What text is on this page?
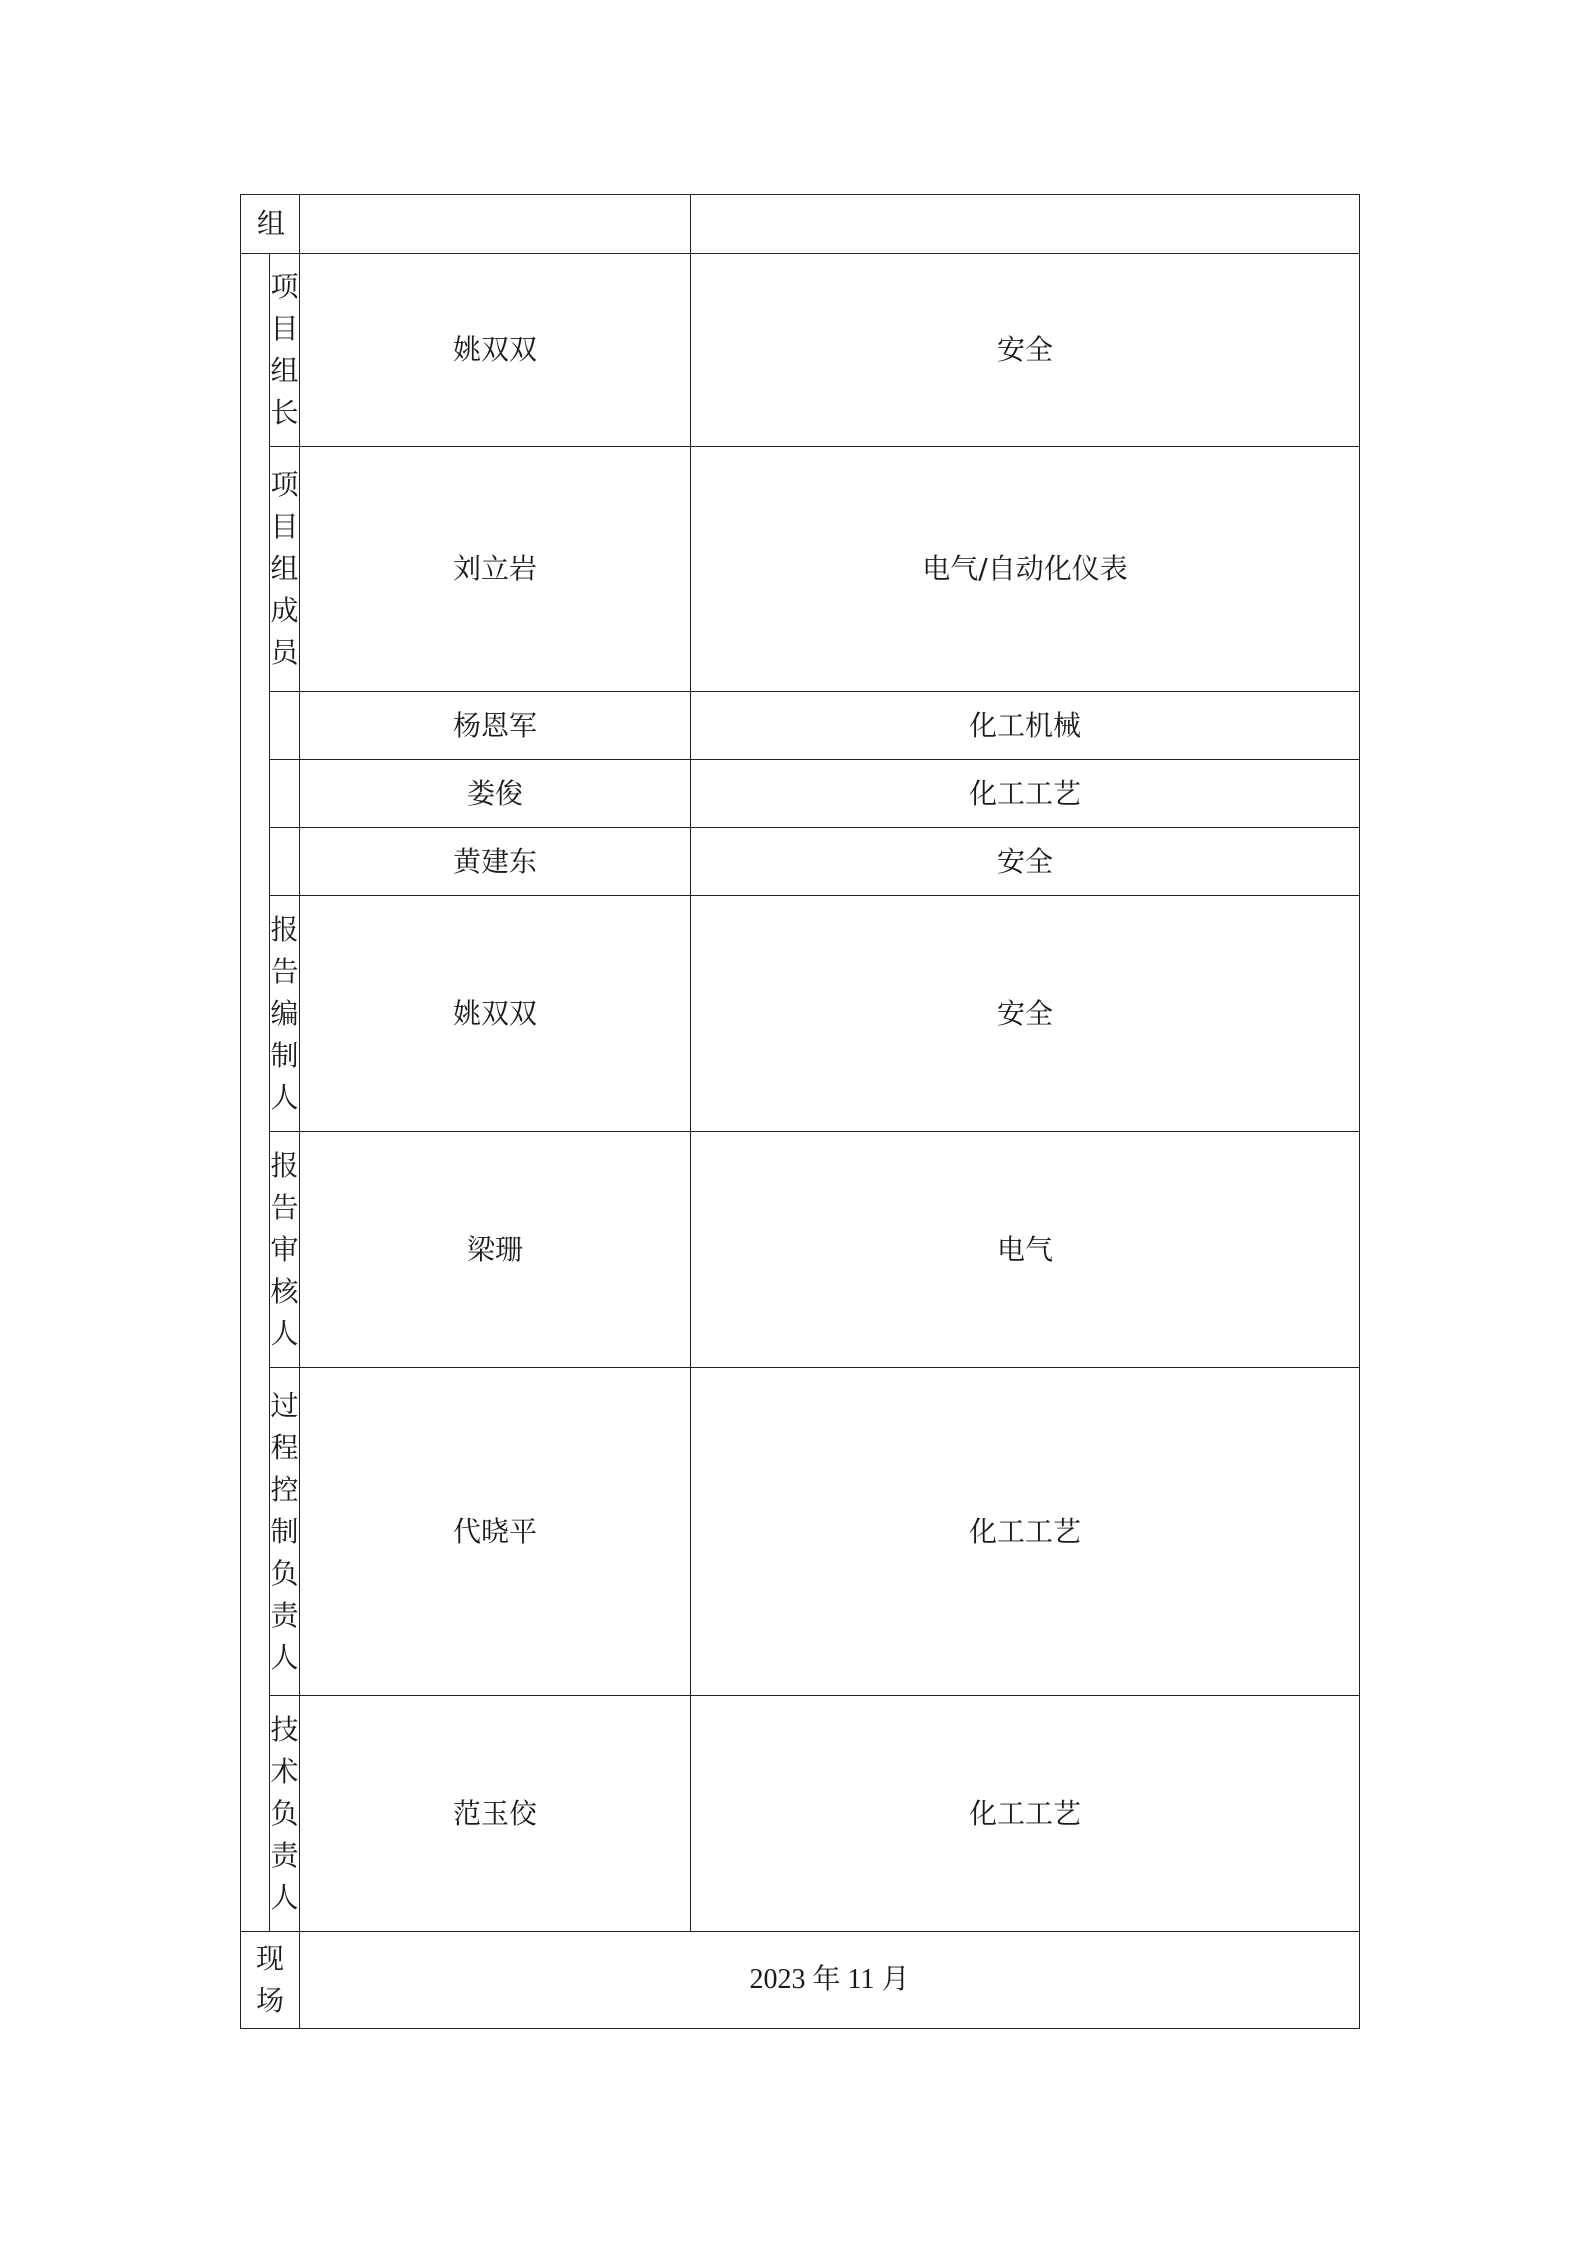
组			

	项目组长	姚双双	安全

	项目组成员	刘立岩	电气/自动化仪表

		杨恩军	化工机械

		娄俊	化工工艺

		黄建东	安全

	报告编制人	姚双双	安全

	报告审核人	梁珊	电气

	过程控制负责人	代晓平	化工工艺

	技术负责人	范玉佼	化工工艺

现场		2023 年 11 月	
